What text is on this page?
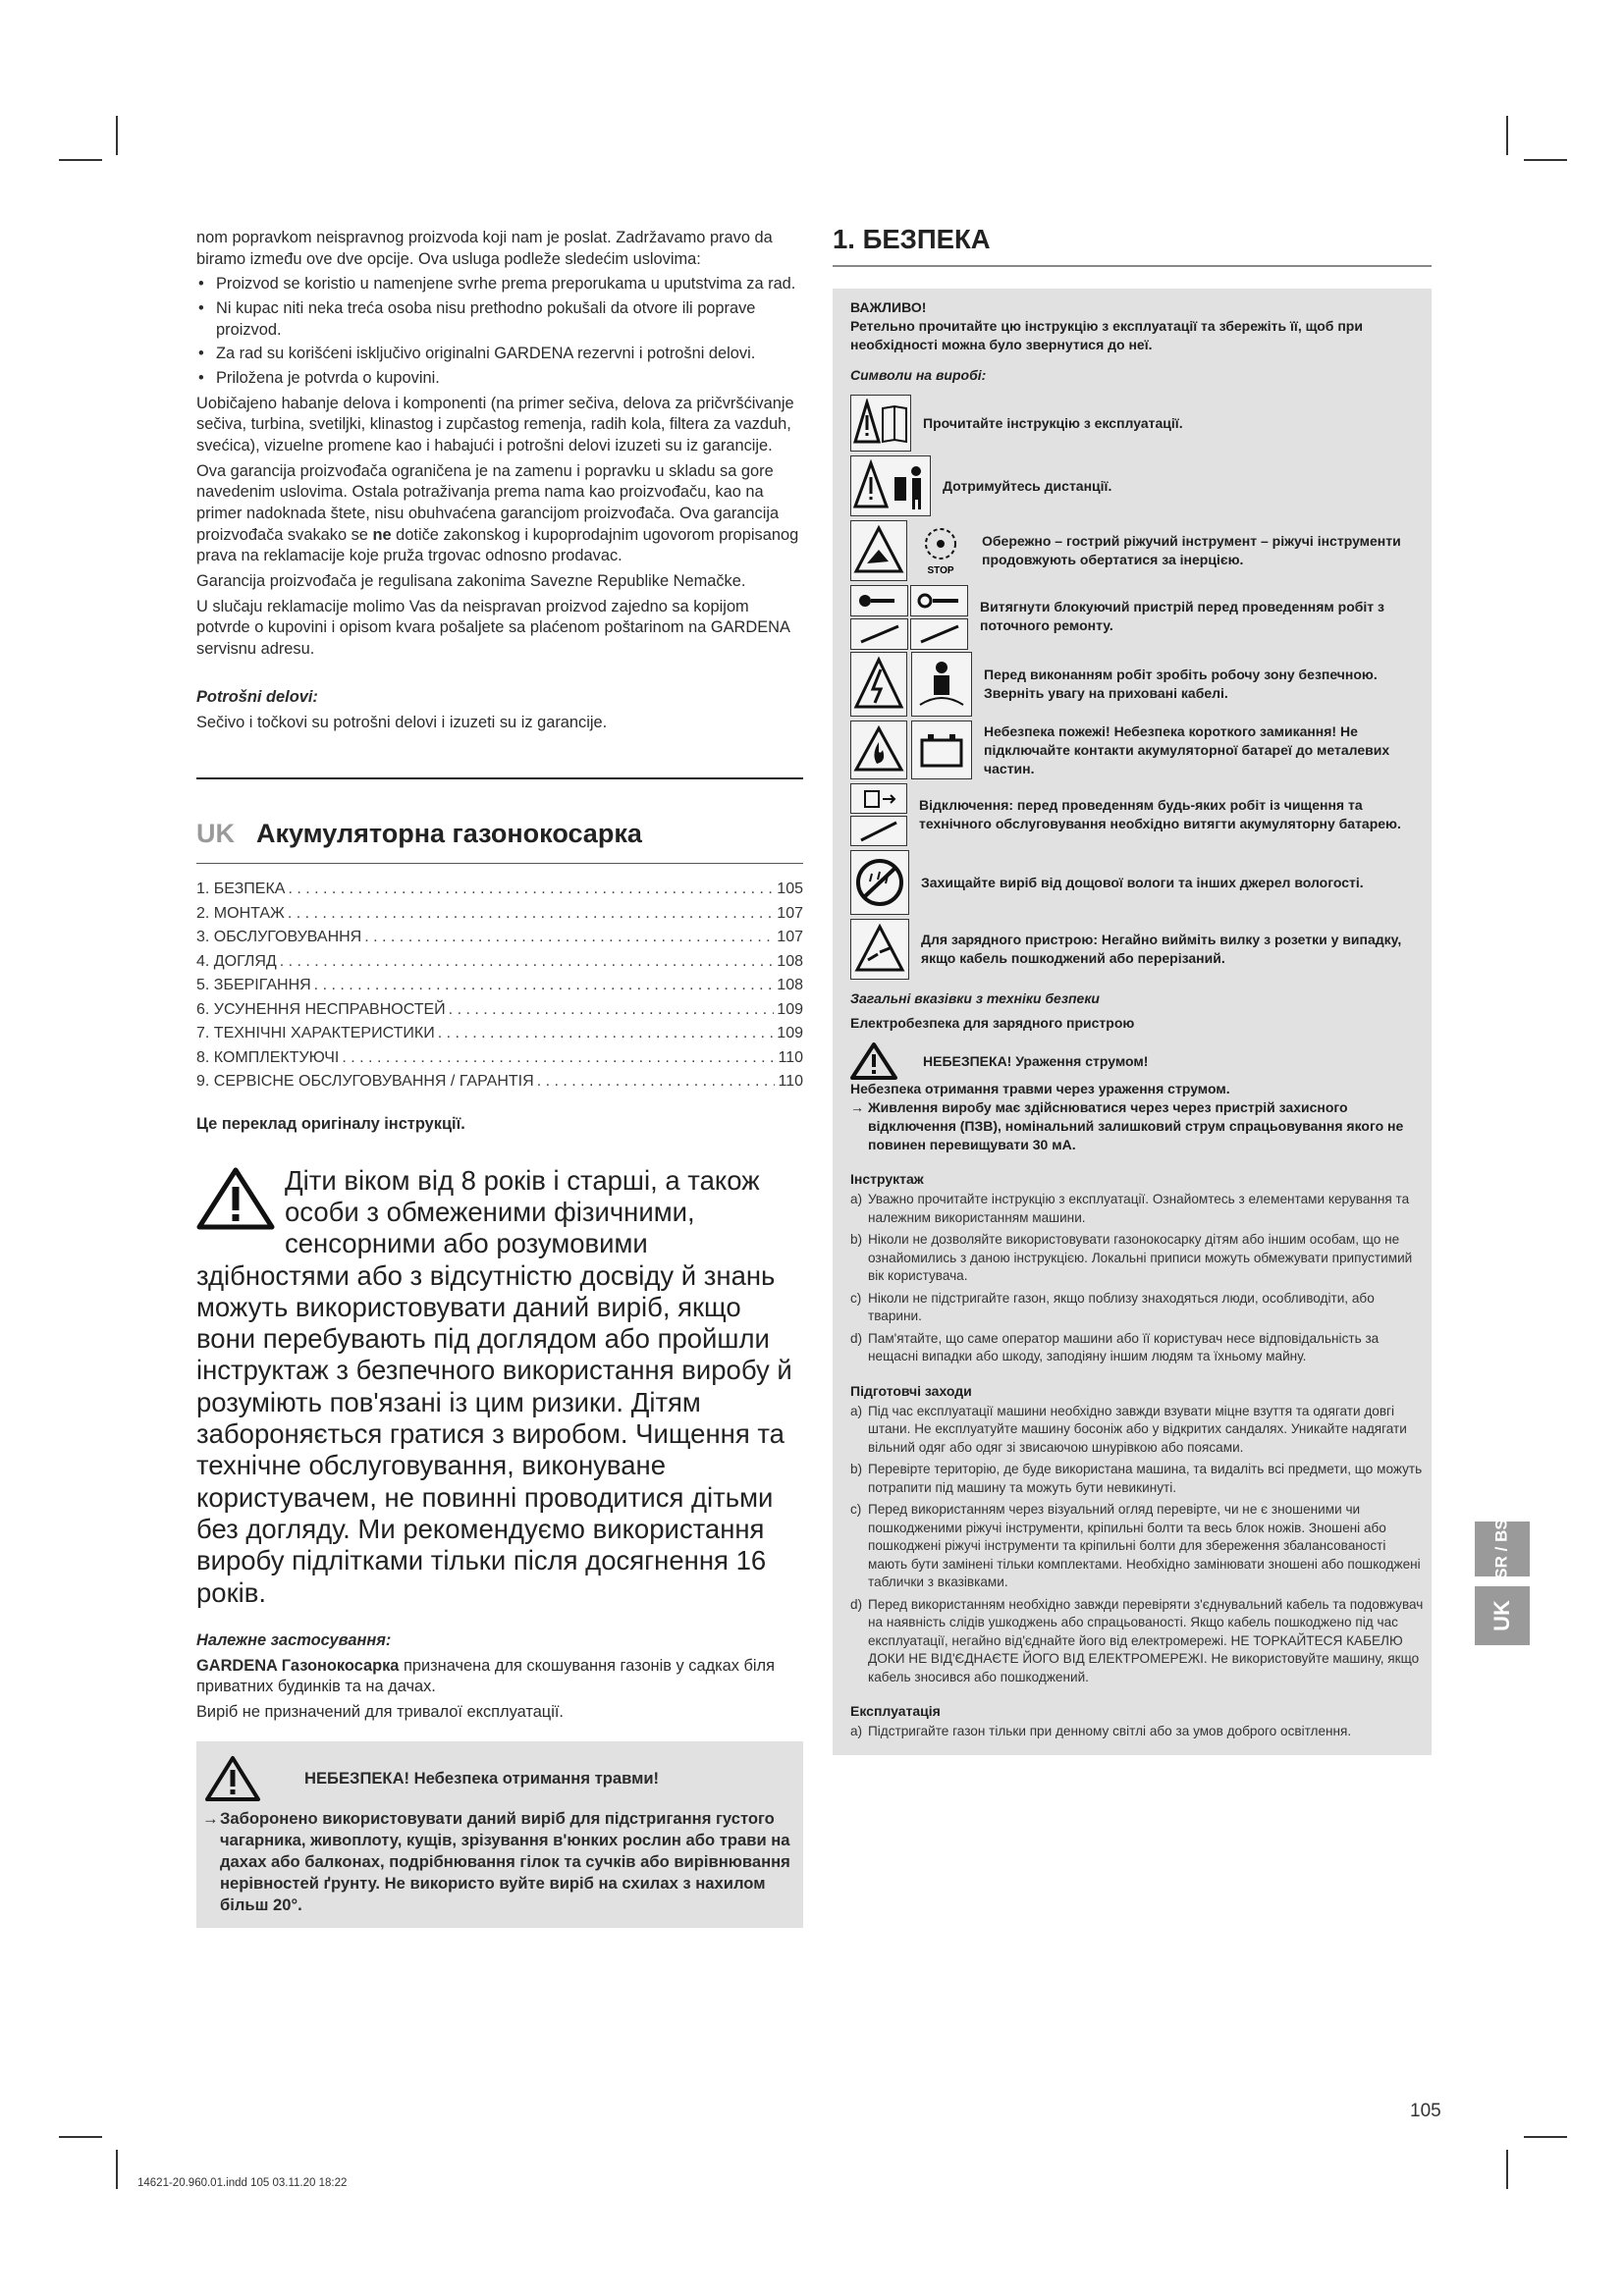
nom popravkom neispravnog proizvoda koji nam je poslat. Zadržavamo pravo da biramo između ove dve opcije. Ova usluga podleže sledećim uslovima:

• Proizvod se koristio u namenjene svrhe prema preporukama u uputstvima za rad.
• Ni kupac niti neka treća osoba nisu prethodno pokušali da otvore ili poprave proizvod.
• Za rad su korišćeni isključivo originalni GARDENA rezervni i potrošni delovi.
• Priložena je potvrda o kupovini.

Uobičajeno habanje delova i komponenti (na primer sečiva, delova za pričvršćivanje sečiva, turbina, svetiljki, klinastog i zupčastog remenja, radih kola, filtera za vazduh, svećica), vizuelne promene kao i habajući i potrošni delovi izuzeti su iz garancije.

Ova garancija proizvođača ograničena je na zamenu i popravku u skladu sa gore navedenim uslovima. Ostala potraživanja prema nama kao proizvođaču, kao na primer nadoknada štete, nisu obuhvaćena garancijom proizvođača. Ova garancija proizvođača svakako se ne dotiče zakonskog i kupoprodajnim ugovorom propisanog prava na reklamacije koje pruža trgovac odnosno prodavac.

Garancija proizvođača je regulisana zakonima Savezne Republike Nemačke.

U slučaju reklamacije molimo Vas da neispravan proizvod zajedno sa kopijom potvrde o kupovini i opisom kvara pošaljete sa plaćenom poštarinom na GARDENA servisnu adresu.

Potrošni delovi:

Sečivo i točkovi su potrošni delovi i izuzeti su iz garancije.

UK Акумуляторна газонокосарка
1. БЕЗПЕКА . . .	105
2. МОНТАЖ . . .	107
3. ОБСЛУГОВУВАННЯ . . .	107
4. ДОГЛЯД . . .	108
5. ЗБЕРІГАННЯ . . .	108
6. УСУНЕННЯ НЕСПРАВНОСТЕЙ . . .	109
7. ТЕХНІЧНІ ХАРАКТЕРИСТИКИ . . .	109
8. КОМПЛЕКТУЮЧІ . . .	110
9. СЕРВІСНЕ ОБСЛУГОВУВАННЯ / ГАРАНТІЯ . . .	110
Це переклад оригіналу інструкції.
Діти віком від 8 років і старші, а також особи з обмеженими фізичними, сенсорними або розумовими здібностями або з відсутністю досвіду й знань можуть використовувати даний виріб, якщо вони перебувають під доглядом або пройшли інструктаж з безпечного використання виробу й розуміють пов'язані із цим ризики. Дітям забороняється гратися з виробом. Чищення та технічне обслуговування, виконуване користувачем, не повинні проводитися дітьми без догляду. Ми рекомендуємо використання виробу підлітками тільки після досягнення 16 років.
Належне застосування:

GARDENA Газонокосарка призначена для скошування газонів у садках біля приватних будинків та на дачах.

Виріб не призначений для тривалої експлуатації.

НЕБЕЗПЕКА! Небезпека отримання травми!
→ Заборонено використовувати даний виріб для підстригання густого чагарника, живоплоту, кущів, зрізування в'юнких рослин або трави на дахах або балконах, подрібнювання гілок та сучків або вирівнювання нерівностей ґрунту. Не використо вуйте виріб на схилах з нахилом більш 20°.
1. БЕЗПЕКА
ВАЖЛИВО!
Ретельно прочитайте цю інструкцію з експлуатації та збережіть її, щоб при необхідності можна було звернутися до неї.
Символи на виробі:
Прочитайте інструкцію з експлуатації.
Дотримуйтесь дистанції.
STOP
Обережно – гострий ріжучий інструмент – ріжучі інструменти продовжують обертатися за інерцією.
Витягнути блокуючий пристрій перед проведенням робіт з поточного ремонту.
Перед виконанням робіт зробіть робочу зону безпечною. Зверніть увагу на приховані кабелі.
Небезпека пожежі! Небезпека короткого замикання! Не підключайте контакти акумуляторної батареї до металевих частин.
Відключення: перед проведенням будь-яких робіт із чищення та технічного обслуговування необхідно витягти акумуляторну батарею.
Захищайте виріб від дощової вологи та інших джерел вологості.
Для зарядного пристрою: Негайно вийміть вилку з розетки у випадку, якщо кабель пошкоджений або перерізаний.
Загальні вказівки з техніки безпеки
Електробезпека для зарядного пристрою
НЕБЕЗПЕКА! Ураження струмом!
Небезпека отримання травми через ураження струмом.
→ Живлення виробу має здійснюватися через через пристрій захисного відключення (ПЗВ), номінальний залишковий струм спрацьовування якого не повинен перевищувати 30 мА.
Інструктаж
a) Уважно прочитайте інструкцію з експлуатації. Ознайомтесь з елементами керування та належним використанням машини.
b) Ніколи не дозволяйте використовувати газонокосарку дітям або іншим особам, що не ознайомились з даною інструкцією. Локальні приписи можуть обмежувати припустимий вік користувача.
c) Ніколи не підстригайте газон, якщо поблизу знаходяться люди, особливодіти, або тварини.
d) Пам'ятайте, що саме оператор машини або її користувач несе відповідальність за нещасні випадки або шкоду, заподіяну іншим людям та їхньому майну.
Підготовчі заходи
a) Під час експлуатації машини необхідно завжди взувати міцне взуття та одягати довгі штани. Не експлуатуйте машину босоніж або у відкритих сандалях. Уникайте надягати вільний одяг або одяг зі звисаючою шнурівкою або поясами.
b) Перевірте територію, де буде використана машина, та видаліть всі предмети, що можуть потрапити під машину та можуть бути невикинуті.
c) Перед використанням через візуальний огляд перевірте, чи не є зношеними чи пошкодженими ріжучі інструменти, кріпильні болти та весь блок ножів. Зношені або пошкоджені ріжучі інструменти та кріпильні болти для збереження збалансованості мають бути замінені тільки комплектами. Необхідно замінювати зношені або пошкоджені таблички з вказівками.
d) Перед використанням необхідно завжди перевіряти з'єднувальний кабель та подовжувач на наявність слідів ушкоджень або спрацьованості. Якщо кабель пошкоджено під час експлуатації, негайно від'єднайте його від електромережі. НЕ ТОРКАЙТЕСЯ КАБЕЛЮ ДОКИ НЕ ВІД'ЄДНАЄТЕ ЙОГО ВІД ЕЛЕКТРОМЕРЕЖІ. Не використовуйте машину, якщо кабель зносився або пошкоджений.
Експлуатація
a) Підстригайте газон тільки при денному світлі або за умов доброго освітлення.
SR / BS
UK
105
14621-20.960.01.indd 105 03.11.20 18:22
